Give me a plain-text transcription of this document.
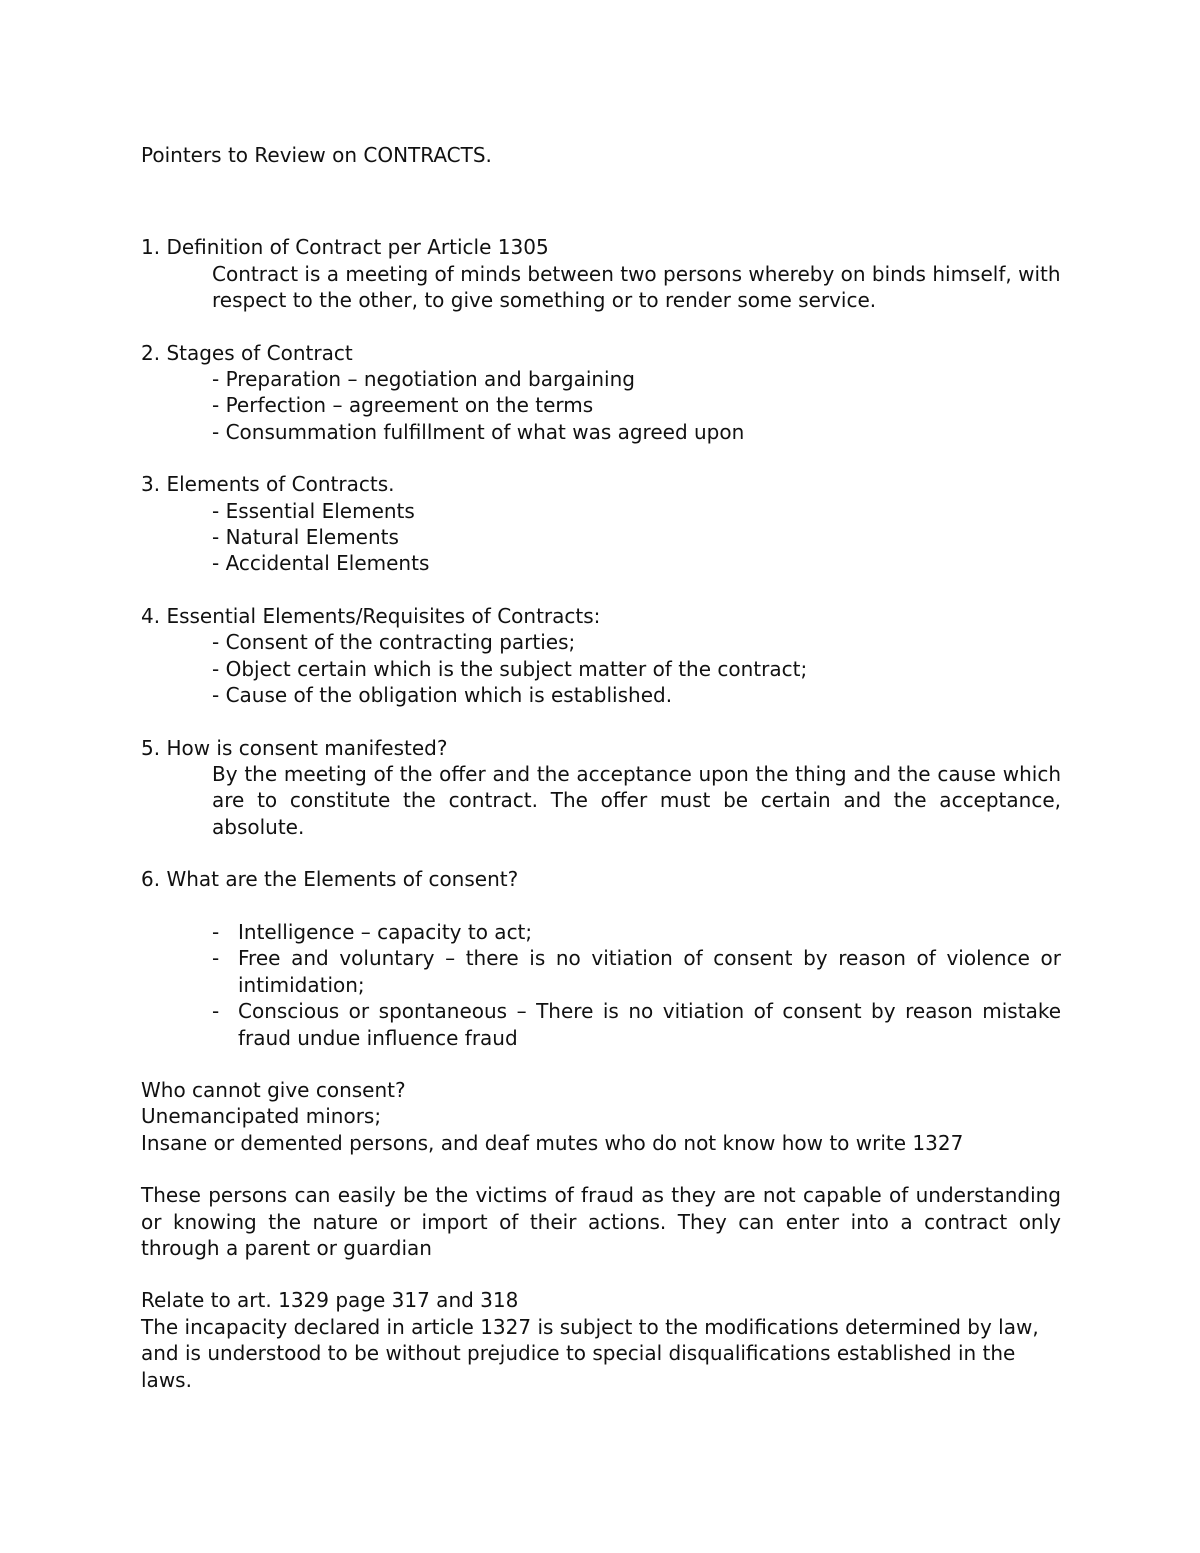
Pointers to Review on CONTRACTS.
1. Definition of Contract per Article 1305
Contract is a meeting of minds between two persons whereby on binds himself, with respect to the other, to give something or to render some service.
2. Stages of Contract
- Preparation – negotiation and bargaining
- Perfection – agreement on the terms
- Consummation fulfillment of what was agreed upon
3. Elements of Contracts.
- Essential Elements
- Natural Elements
- Accidental Elements
4. Essential Elements/Requisites of Contracts:
- Consent of the contracting parties;
- Object certain which is the subject matter of the contract;
- Cause of the obligation which is established.
5. How is consent manifested?
By the meeting of the offer and the acceptance upon the thing and the cause which are to constitute the contract. The offer must be certain and the acceptance, absolute.
6. What are the Elements of consent?
- Intelligence – capacity to act;
- Free and voluntary – there is no vitiation of consent by reason of violence or intimidation;
- Conscious or spontaneous – There is no vitiation of consent by reason mistake fraud undue influence fraud
Who cannot give consent?
Unemancipated minors;
Insane or demented persons, and deaf mutes who do not know how to write 1327
These persons can easily be the victims of fraud as they are not capable of understanding or knowing the nature or import of their actions. They can enter into a contract only through a parent or guardian
Relate to art. 1329 page 317 and 318
The incapacity declared in article 1327 is subject to the modifications determined by law, and is understood to be without prejudice to special disqualifications established in the laws.
